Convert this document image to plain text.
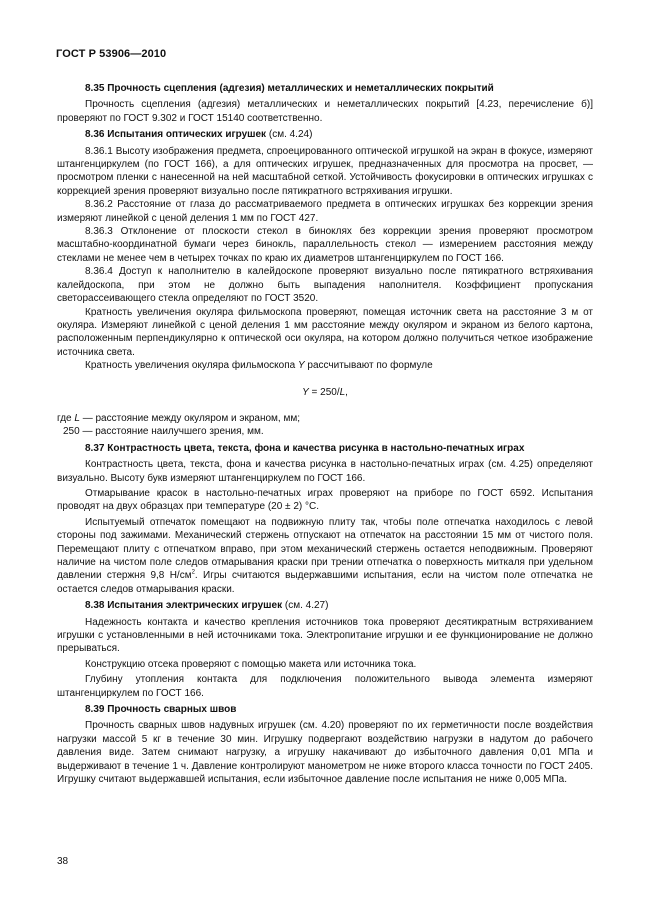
ГОСТ Р 53906—2010

8.35 Прочность сцепления (адгезия) металлических и неметаллических покрытий

Прочность сцепления (адгезия) металлических и неметаллических покрытий [4.23, перечисление б)] проверяют по ГОСТ 9.302 и ГОСТ 15140 соответственно.

8.36 Испытания оптических игрушек (см. 4.24)

8.36.1 Высоту изображения предмета, спроецированного оптической игрушкой на экран в фокусе, измеряют штангенциркулем (по ГОСТ 166), а для оптических игрушек, предназначенных для просмотра на просвет, — просмотром пленки с нанесенной на ней масштабной сеткой. Устойчивость фокусировки в оптических игрушках с коррекцией зрения проверяют визуально после пятикратного встряхивания игрушки.

8.36.2 Расстояние от глаза до рассматриваемого предмета в оптических игрушках без коррекции зрения измеряют линейкой с ценой деления 1 мм по ГОСТ 427.

8.36.3 Отклонение от плоскости стекол в биноклях без коррекции зрения проверяют просмотром масштабно-координатной бумаги через бинокль, параллельность стекол — измерением расстояния между стеклами не менее чем в четырех точках по краю их диаметров штангенциркулем по ГОСТ 166.

8.36.4 Доступ к наполнителю в калейдоскопе проверяют визуально после пятикратного встряхивания калейдоскопа, при этом не должно быть выпадения наполнителя. Коэффициент пропускания светорассеивающего стекла определяют по ГОСТ 3520.

Кратность увеличения окуляра фильмоскопа проверяют, помещая источник света на расстояние 3 м от окуляра. Измеряют линейкой с ценой деления 1 мм расстояние между окуляром и экраном из белого картона, расположенным перпендикулярно к оптической оси окуляра, на котором должно получиться четкое изображение источника света.

Кратность увеличения окуляра фильмоскопа Y рассчитывают по формуле

Y = 250/L,

где L — расстояние между окуляром и экраном, мм;

250 — расстояние наилучшего зрения, мм.

8.37 Контрастность цвета, текста, фона и качества рисунка в настольно-печатных играх

Контрастность цвета, текста, фона и качества рисунка в настольно-печатных играх (см. 4.25) определяют визуально. Высоту букв измеряют штангенциркулем по ГОСТ 166.

Отмарывание красок в настольно-печатных играх проверяют на приборе по ГОСТ 6592. Испытания проводят на двух образцах при температуре (20 ± 2) °С.

Испытуемый отпечаток помещают на подвижную плиту так, чтобы поле отпечатка находилось с левой стороны под зажимами. Механический стержень отпускают на отпечаток на расстоянии 15 мм от чистого поля. Перемещают плиту с отпечатком вправо, при этом механический стержень остается неподвижным. Проверяют наличие на чистом поле следов отмарывания краски при трении отпечатка о поверхность миткаля при удельном давлении стержня 9,8 $Н/см^2$. Игры считаются выдержавшими испытания, если на чистом поле отпечатка не остается следов отмарывания краски.

8.38 Испытания электрических игрушек (см. 4.27)

Надежность контакта и качество крепления источников тока проверяют десятикратным встряхиванием игрушки с установленными в ней источниками тока. Электропитание игрушки и ее функционирование не должно прерываться.

Конструкцию отсека проверяют с помощью макета или источника тока.

Глубину утопления контакта для подключения положительного вывода элемента измеряют штангенциркулем по ГОСТ 166.

8.39 Прочность сварных швов

Прочность сварных швов надувных игрушек (см. 4.20) проверяют по их герметичности после воздействия нагрузки массой 5 кг в течение 30 мин. Игрушку подвергают воздействию нагрузки в надутом до рабочего давления виде. Затем снимают нагрузку, а игрушку накачивают до избыточного давления 0,01 МПа и выдерживают в течение 1 ч. Давление контролируют манометром не ниже второго класса точности по ГОСТ 2405. Игрушку считают выдержавшей испытания, если избыточное давление после испытания не ниже 0,005 МПа.

38
